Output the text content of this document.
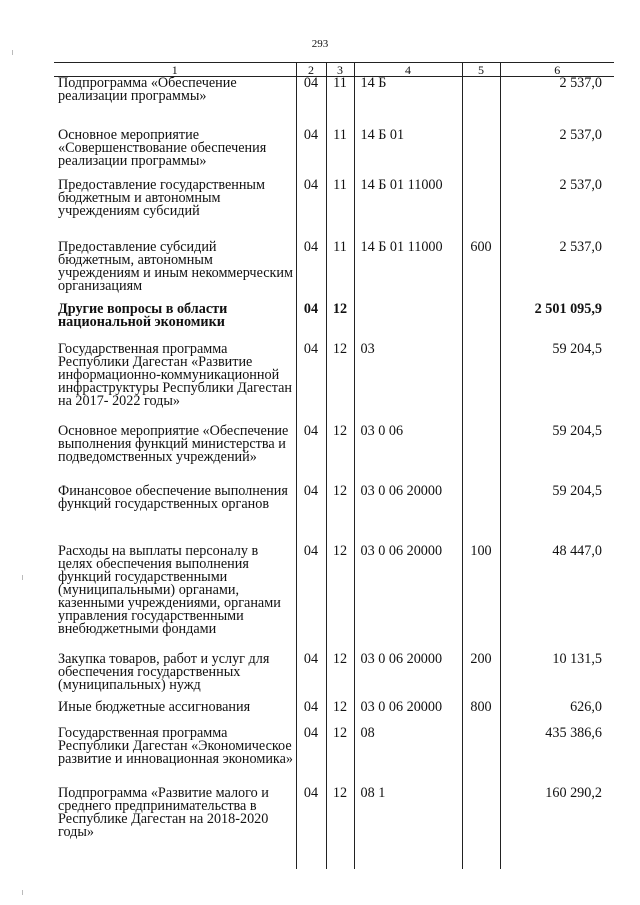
293
1	2	3	4	5	6
Подпрограмма «Обеспечение реализации программы»	04	11	14 Б		2 537,0
Основное мероприятие «Совершенствование обеспечения реализации программы»	04	11	14 Б 01		2 537,0
Предоставление государственным бюджетным и автономным учреждениям субсидий	04	11	14 Б 01 11000		2 537,0
Предоставление субсидий бюджетным, автономным учреждениям и иным некоммерческим организациям	04	11	14 Б 01 11000	600	2 537,0
Другие вопросы в области национальной экономики	04	12			2 501 095,9
Государственная программа Республики Дагестан «Развитие информационно-коммуникационной инфраструктуры Республики Дагестан на 2017- 2022 годы»	04	12	03		59 204,5
Основное мероприятие «Обеспечение выполнения функций министерства и подведомственных учреждений»	04	12	03 0 06		59 204,5
Финансовое обеспечение выполнения функций государственных органов	04	12	03 0 06 20000		59 204,5
Расходы на выплаты персоналу в целях обеспечения выполнения функций государственными (муниципальными) органами, казенными учреждениями, органами управления государственными внебюджетными фондами	04	12	03 0 06 20000	100	48 447,0
Закупка товаров, работ и услуг для обеспечения государственных (муниципальных) нужд	04	12	03 0 06 20000	200	10 131,5
Иные бюджетные ассигнования	04	12	03 0 06 20000	800	626,0
Государственная программа Республики Дагестан «Экономическое развитие и инновационная экономика»	04	12	08		435 386,6
Подпрограмма «Развитие малого и среднего предпринимательства в Республике Дагестан на 2018-2020 годы»	04	12	08 1		160 290,2
